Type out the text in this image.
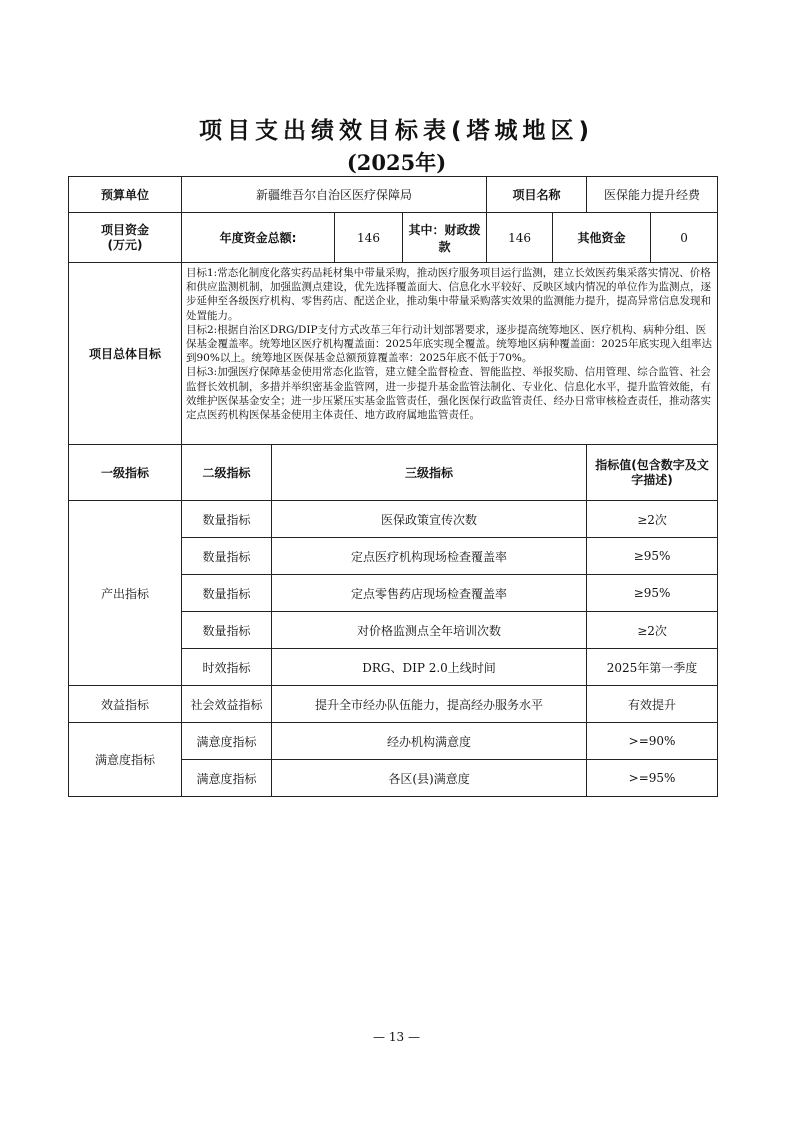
项目支出绩效目标表(塔城地区)
(2025年)
预算单位	新疆维吾尔自治区医疗保障局				项目名称		医保能力提升经费	
项目资金
(万元)	年度资金总额:		146	其中：财政拨款	146	其他资金		0
项目总体目标	目标1:常态化制度化落实药品耗材集中带量采购，推动医疗服务项目运行监测，建立长效医药集采落实情况、价格和供应监测机制，加强监测点建设，优先选择覆盖面大、信息化水平较好、反映区域内情况的单位作为监测点，逐步延伸至各级医疗机构、零售药店、配送企业，推动集中带量采购落实效果的监测能力提升，提高异常信息发现和处置能力。

目标2:根据自治区DRG/DIP支付方式改革三年行动计划部署要求，逐步提高统筹地区、医疗机构、病种分组、医保基金覆盖率。统筹地区医疗机构覆盖面：2025年底实现全覆盖。统筹地区病种覆盖面：2025年底实现入组率达到90%以上。统筹地区医保基金总额预算覆盖率：2025年底不低于70%。

目标3:加强医疗保障基金使用常态化监管，建立健全监督检查、智能监控、举报奖励、信用管理、综合监管、社会监督长效机制，多措并举织密基金监管网，进一步提升基金监管法制化、专业化、信息化水平，提升监管效能，有效维护医保基金安全；进一步压紧压实基金监管责任，强化医保行政监管责任、经办日常审核检查责任，推动落实定点医药机构医保基金使用主体责任、地方政府属地监管责任。							

一级指标	二级指标	三级指标					指标值(包含数字及文字描述)	
产出指标	数量指标	医保政策宣传次数					≥2次	
	数量指标	定点医疗机构现场检查覆盖率					≥95%	
	数量指标	定点零售药店现场检查覆盖率					≥95%	
	数量指标	对价格监测点全年培训次数					≥2次	
	时效指标	DRG、DIP 2.0上线时间					2025年第一季度	
效益指标	社会效益指标	提升全市经办队伍能力，提高经办服务水平					有效提升	
满意度指标	满意度指标	经办机构满意度					>=90%	
	满意度指标	各区(县)满意度					>=95%	
— 13 —
